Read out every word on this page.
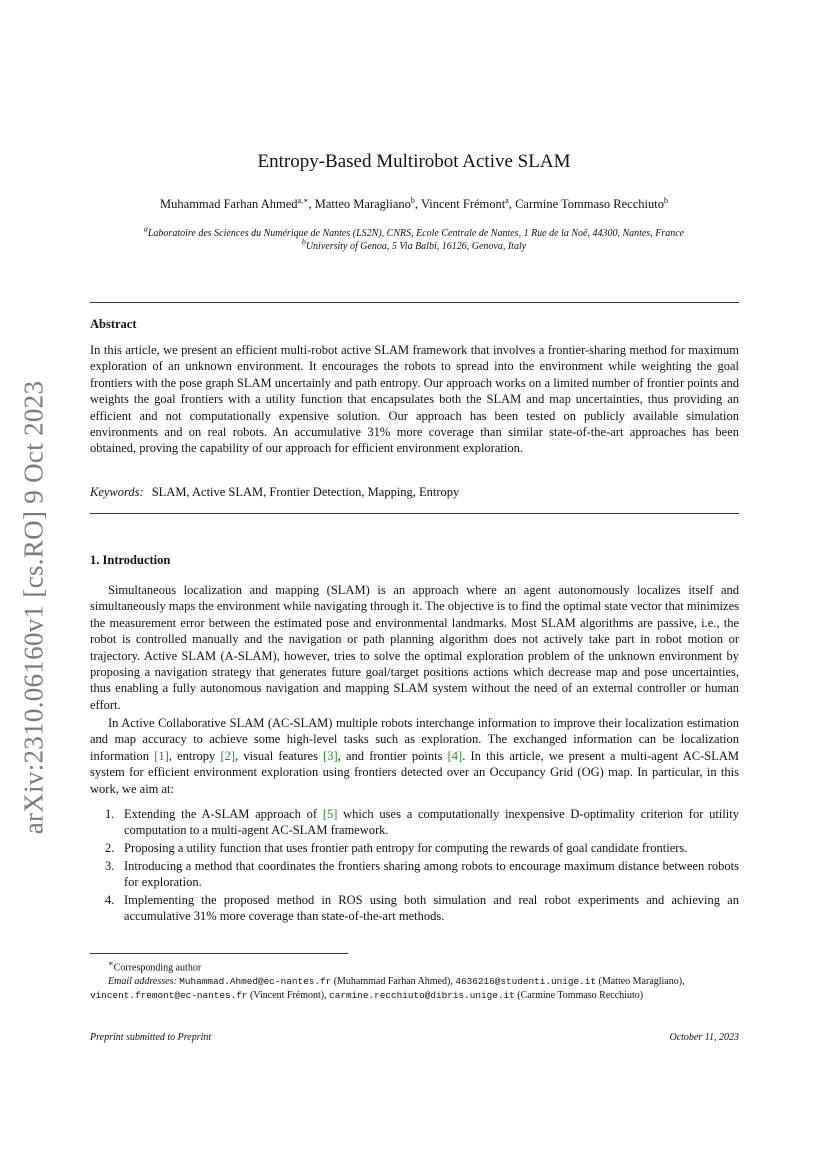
arXiv:2310.06160v1 [cs.RO] 9 Oct 2023
Entropy-Based Multirobot Active SLAM
Muhammad Farhan Ahmed$^{a,∗}$, Matteo Maragliano$^b$, Vincent Frémont$^a$, Carmine Tommaso Recchiuto$^b$
$^a$Laboratoire des Sciences du Numérique de Nantes (LS2N), CNRS, Ecole Centrale de Nantes, 1 Rue de la Noë, 44300, Nantes, France
$^b$University of Genoa, 5 Via Balbi, 16126, Genova, Italy
Abstract
In this article, we present an efficient multi-robot active SLAM framework that involves a frontier-sharing method for maximum exploration of an unknown environment. It encourages the robots to spread into the environment while weighting the goal frontiers with the pose graph SLAM uncertainly and path entropy. Our approach works on a limited number of frontier points and weights the goal frontiers with a utility function that encapsulates both the SLAM and map uncertainties, thus providing an efficient and not computationally expensive solution. Our approach has been tested on publicly available simulation environments and on real robots. An accumulative 31% more coverage than similar state-of-the-art approaches has been obtained, proving the capability of our approach for efficient environment exploration.
Keywords: SLAM, Active SLAM, Frontier Detection, Mapping, Entropy
1. Introduction
Simultaneous localization and mapping (SLAM) is an approach where an agent autonomously localizes itself and simultaneously maps the environment while navigating through it. The objective is to find the optimal state vector that minimizes the measurement error between the estimated pose and environmental landmarks. Most SLAM algorithms are passive, i.e., the robot is controlled manually and the navigation or path planning algorithm does not actively take part in robot motion or trajectory. Active SLAM (A-SLAM), however, tries to solve the optimal exploration problem of the unknown environment by proposing a navigation strategy that generates future goal/target positions actions which decrease map and pose uncertainties, thus enabling a fully autonomous navigation and mapping SLAM system without the need of an external controller or human effort.
In Active Collaborative SLAM (AC-SLAM) multiple robots interchange information to improve their localization estimation and map accuracy to achieve some high-level tasks such as exploration. The exchanged information can be localization information [1], entropy [2], visual features [3], and frontier points [4]. In this article, we present a multi-agent AC-SLAM system for efficient environment exploration using frontiers detected over an Occupancy Grid (OG) map. In particular, in this work, we aim at:
1. Extending the A-SLAM approach of [5] which uses a computationally inexpensive D-optimality criterion for utility computation to a multi-agent AC-SLAM framework.
2. Proposing a utility function that uses frontier path entropy for computing the rewards of goal candidate frontiers.
3. Introducing a method that coordinates the frontiers sharing among robots to encourage maximum distance between robots for exploration.
4. Implementing the proposed method in ROS using both simulation and real robot experiments and achieving an accumulative 31% more coverage than state-of-the-art methods.
∗Corresponding author
Email addresses: Muhammad.Ahmed@ec-nantes.fr (Muhammad Farhan Ahmed), 4636216@studenti.unige.it (Matteo Maragliano),
vincent.fremont@ec-nantes.fr (Vincent Frémont), carmine.recchiuto@dibris.unige.it (Carmine Tommaso Recchiuto)
Preprint submitted to Preprint	October 11, 2023
